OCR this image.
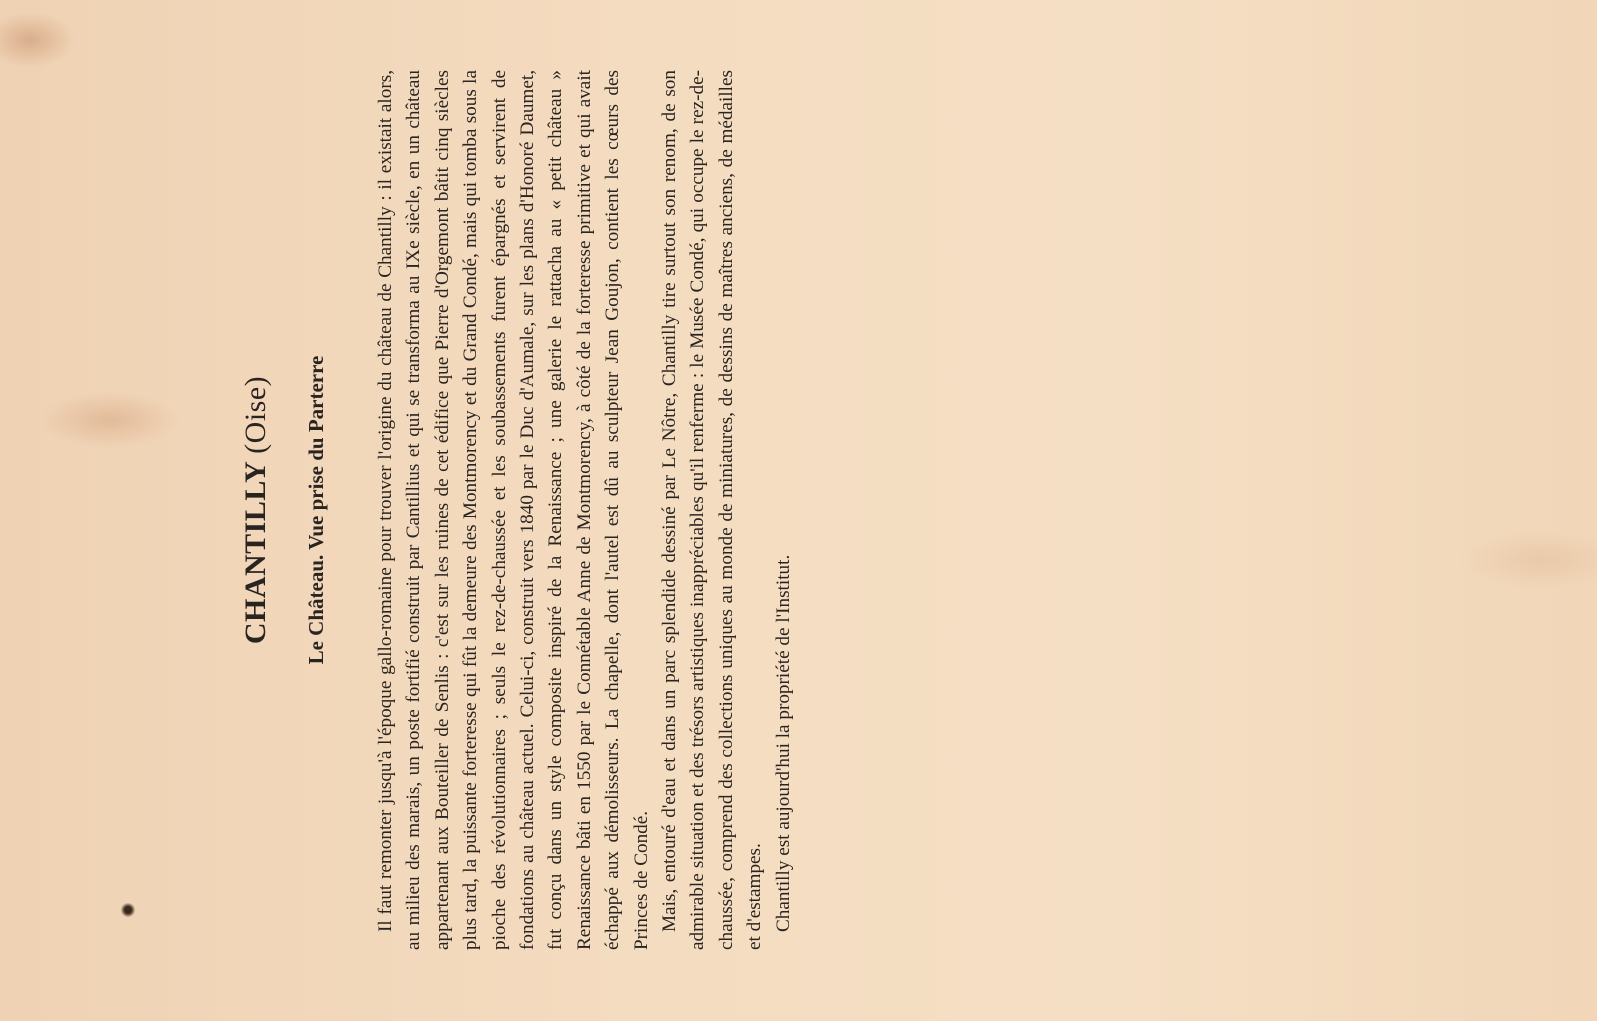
CHANTILLY (Oise)	Le Château. Vue prise du Parterre	Il faut remonter jusqu'à l'époque gallo-romaine pour trouver l'origine du château de Chantilly : il existait alors, au milieu des marais, un poste fortifié construit par Cantillius et qui se transforma au IXe siècle, en un château appartenant aux Bouteiller de Senlis : c'est sur les ruines de cet édifice que Pierre d'Orgemont bâtit cinq siècles plus tard, la puissante forteresse qui fût la demeure des Montmorency et du Grand Condé, mais qui tomba sous la pioche des révolutionnaires ; seuls le rez-de-chaussée et les soubassements furent épargnés et servirent de fondations au château actuel. Celui-ci, construit vers 1840 par le Duc d'Aumale, sur les plans d'Honoré Daumet, fut conçu dans un style composite inspiré de la Renaissance ; une galerie le rattacha au « petit château » Renaissance bâti en 1550 par le Connétable Anne de Montmorency, à côté de la forteresse primitive et qui avait échappé aux démolisseurs. La chapelle, dont l'autel est dû au sculpteur Jean Goujon, contient les cœurs des Princes de Condé. Mais, entouré d'eau et dans un parc splendide dessiné par Le Nôtre, Chantilly tire surtout son renom, de son admirable situation et des trésors artistiques inappréciables qu'il renferme : le Musée Condé, qui occupe le rez-de-chaussée, comprend des collections uniques au monde de miniatures, de dessins de maîtres anciens, de médailles et d'estampes. Chantilly est aujourd'hui la propriété de l'Institut.
